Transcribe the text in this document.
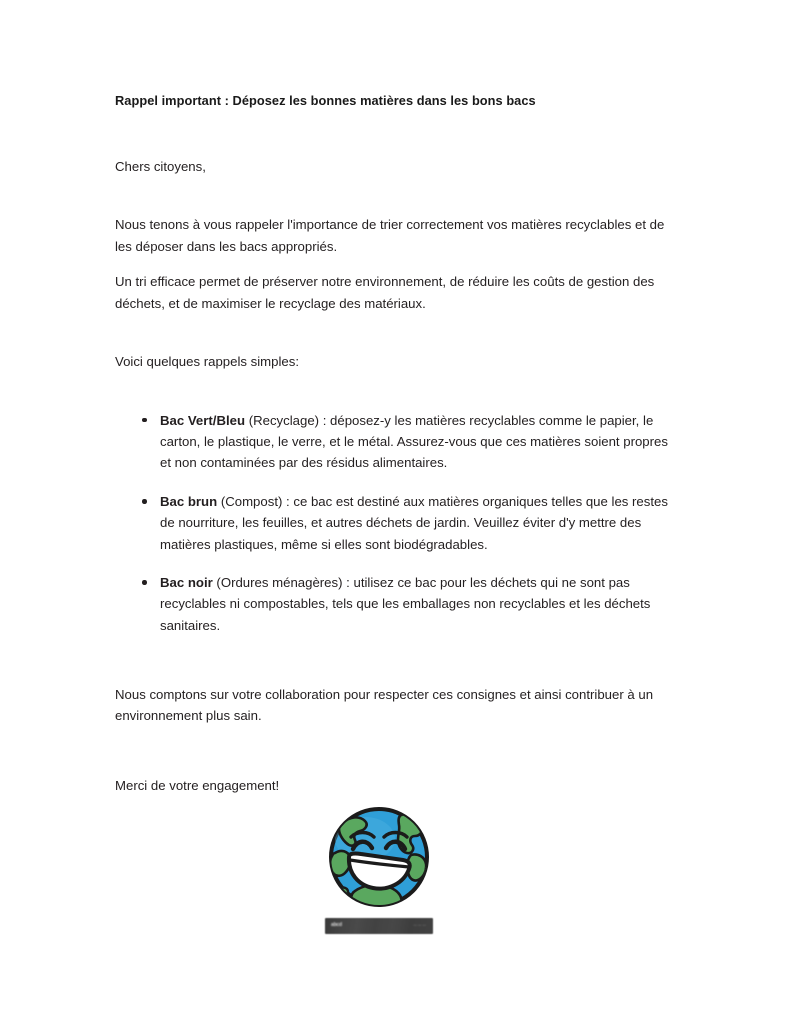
Rappel important : Déposez les bonnes matières dans les bons bacs

Chers citoyens,

Nous tenons à vous rappeler l'importance de trier correctement vos matières recyclables et de les déposer dans les bacs appropriés.

Un tri efficace permet de préserver notre environnement, de réduire les coûts de gestion des déchets, et de maximiser le recyclage des matériaux.

Voici quelques rappels simples:

Bac Vert/Bleu (Recyclage) : déposez-y les matières recyclables comme le papier, le carton, le plastique, le verre, et le métal. Assurez-vous que ces matières soient propres et non contaminées par des résidus alimentaires.
Bac brun (Compost) : ce bac est destiné aux matières organiques telles que les restes de nourriture, les feuilles, et autres déchets de jardin. Veuillez éviter d'y mettre des matières plastiques, même si elles sont biodégradables.
Bac noir (Ordures ménagères) : utilisez ce bac pour les déchets qui ne sont pas recyclables ni compostables, tels que les emballages non recyclables et les déchets sanitaires.

Nous comptons sur votre collaboration pour respecter ces consignes et ainsi contribuer à un environnement plus sain.

Merci de votre engagement!

abcd	— — —
